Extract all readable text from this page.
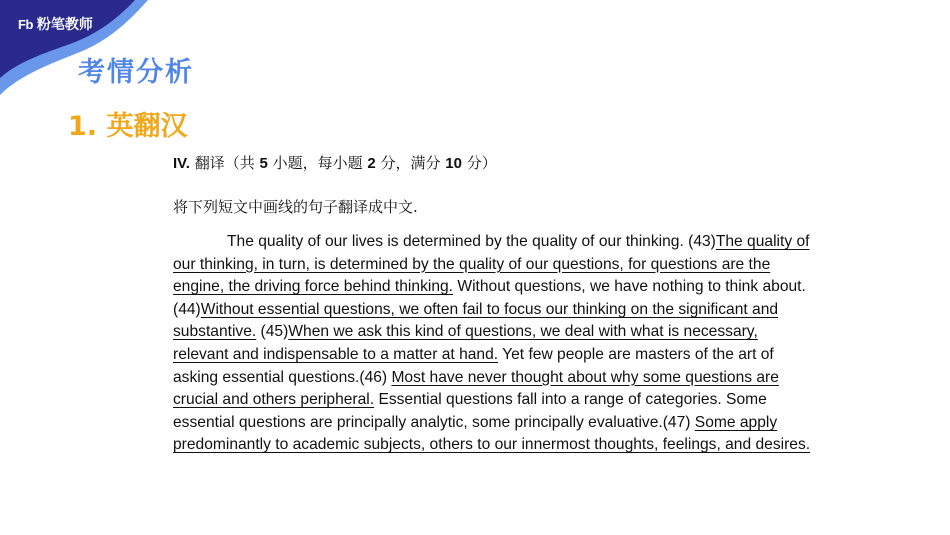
Fb 粉笔教师
考情分析
1. 英翻汉

IV. 翻译（共 5 小题，每小题 2 分，满分 10 分）

将下列短文中画线的句子翻译成中文.

The quality of our lives is determined by the quality of our thinking. (43)The quality of our thinking, in turn, is determined by the quality of our questions, for questions are the engine, the driving force behind thinking. Without questions, we have nothing to think about. (44)Without essential questions, we often fail to focus our thinking on the significant and substantive. (45)When we ask this kind of questions, we deal with what is necessary, relevant and indispensable to a matter at hand. Yet few people are masters of the art of asking essential questions.(46) Most have never thought about why some questions are crucial and others peripheral. Essential questions fall into a range of categories. Some essential questions are principally analytic, some principally evaluative.(47) Some apply predominantly to academic subjects, others to our innermost thoughts, feelings, and desires.
